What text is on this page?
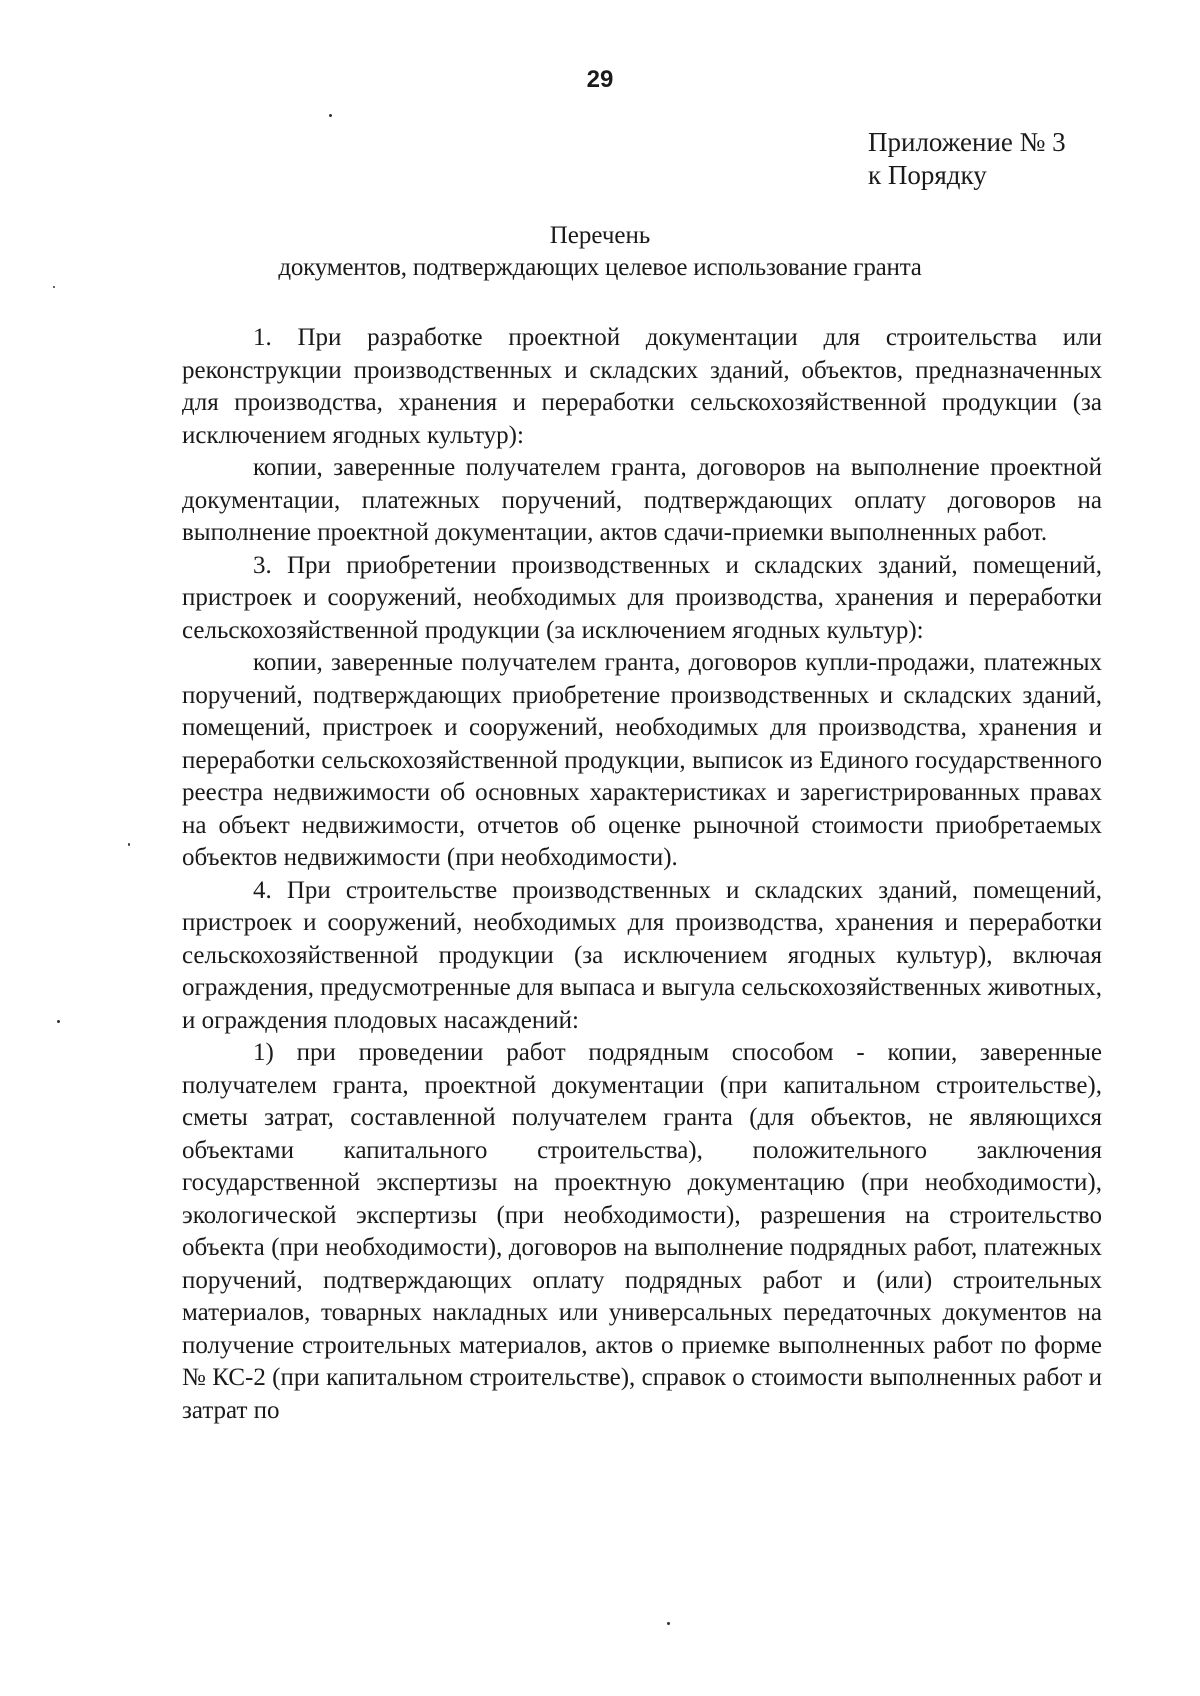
29
Приложение № 3
к Порядку
Перечень
документов, подтверждающих целевое использование гранта

1. При разработке проектной документации для строительства или реконструкции производственных и складских зданий, объектов, предназначенных для производства, хранения и переработки сельскохозяйственной продукции (за исключением ягодных культур):

копии, заверенные получателем гранта, договоров на выполнение проектной документации, платежных поручений, подтверждающих оплату договоров на выполнение проектной документации, актов сдачи-приемки выполненных работ.

3. При приобретении производственных и складских зданий, помещений, пристроек и сооружений, необходимых для производства, хранения и переработки сельскохозяйственной продукции (за исключением ягодных культур):

копии, заверенные получателем гранта, договоров купли-продажи, платежных поручений, подтверждающих приобретение производственных и складских зданий, помещений, пристроек и сооружений, необходимых для производства, хранения и переработки сельскохозяйственной продукции, выписок из Единого государственного реестра недвижимости об основных характеристиках и зарегистрированных правах на объект недвижимости, отчетов об оценке рыночной стоимости приобретаемых объектов недвижимости (при необходимости).

4. При строительстве производственных и складских зданий, помещений, пристроек и сооружений, необходимых для производства, хранения и переработки сельскохозяйственной продукции (за исключением ягодных культур), включая ограждения, предусмотренные для выпаса и выгула сельскохозяйственных животных, и ограждения плодовых насаждений:

1) при проведении работ подрядным способом - копии, заверенные получателем гранта, проектной документации (при капитальном строительстве), сметы затрат, составленной получателем гранта (для объектов, не являющихся объектами капитального строительства), положительного заключения государственной экспертизы на проектную документацию (при необходимости), экологической экспертизы (при необходимости), разрешения на строительство объекта (при необходимости), договоров на выполнение подрядных работ, платежных поручений, подтверждающих оплату подрядных работ и (или) строительных материалов, товарных накладных или универсальных передаточных документов на получение строительных материалов, актов о приемке выполненных работ по форме № КС-2 (при капитальном строительстве), справок о стоимости выполненных работ и затрат по
